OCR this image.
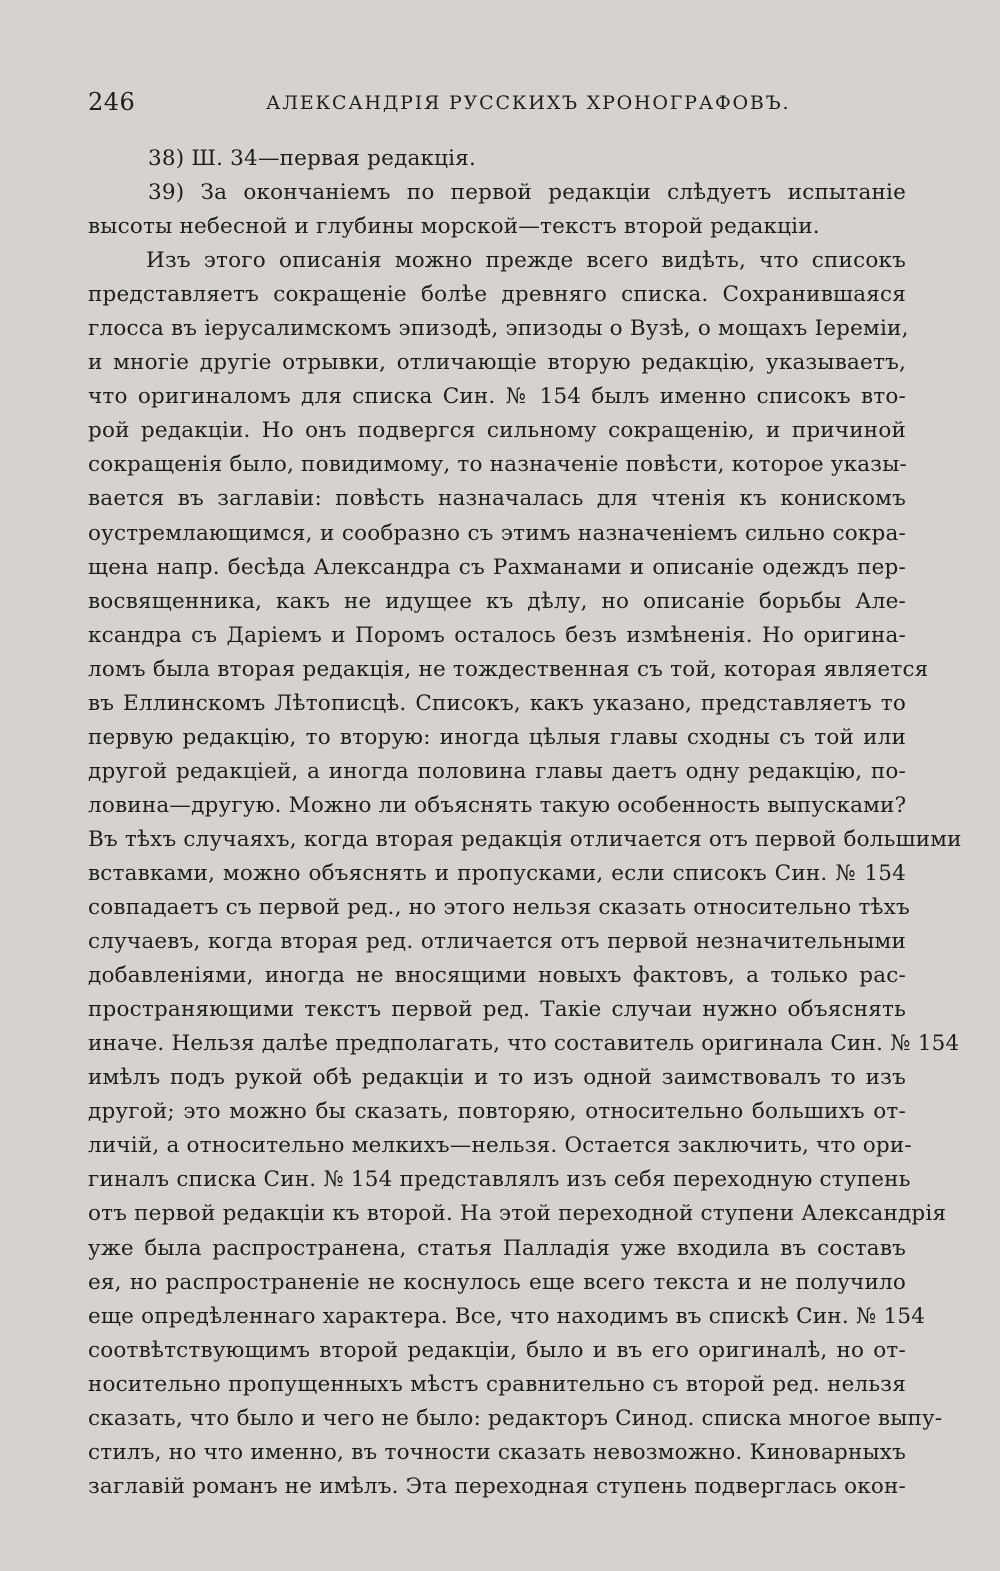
246	АЛЕКСАНДРІЯ РУССКИХЪ ХРОНОГРАФОВЪ.
38) Ш. 34—первая редакція.
39) За окончаніемъ по первой редакціи слѣдуетъ испытаніе
высоты небесной и глубины морской—текстъ второй редакціи.
Изъ этого описанія можно прежде всего видѣть, что списокъ
представляетъ сокращеніе болѣе древняго списка. Сохранившаяся
глосса въ іерусалимскомъ эпизодѣ, эпизоды о Вузѣ, о мощахъ Іереміи,
и многіе другіе отрывки, отличающіе вторую редакцію, указываетъ,
что оригиналомъ для списка Син. № 154 былъ именно списокъ вто-
рой редакціи. Но онъ подвергся сильному сокращенію, и причиной
сокращенія было, повидимому, то назначеніе повѣсти, которое указы-
вается въ заглавіи: повѣсть назначалась для чтенія къ конискомъ
оустремлающимся, и сообразно съ этимъ назначеніемъ сильно сокра-
щена напр. бесѣда Александра съ Рахманами и описаніе одеждъ пер-
восвященника, какъ не идущее къ дѣлу, но описаніе борьбы Але-
ксандра съ Даріемъ и Поромъ осталось безъ измѣненія. Но оригина-
ломъ была вторая редакція, не тождественная съ той, которая является
въ Еллинскомъ Лѣтописцѣ. Списокъ, какъ указано, представляетъ то
первую редакцію, то вторую: иногда цѣлыя главы сходны съ той или
другой редакціей, а иногда половина главы даетъ одну редакцію, по-
ловина—другую. Можно ли объяснять такую особенность выпусками?
Въ тѣхъ случаяхъ, когда вторая редакція отличается отъ первой большими
вставками, можно объяснять и пропусками, если списокъ Син. № 154
совпадаетъ съ первой ред., но этого нельзя сказать относительно тѣхъ
случаевъ, когда вторая ред. отличается отъ первой незначительными
добавленіями, иногда не вносящими новыхъ фактовъ, а только рас-
пространяющими текстъ первой ред. Такіе случаи нужно объяснять
иначе. Нельзя далѣе предполагать, что составитель оригинала Син. № 154
имѣлъ подъ рукой обѣ редакціи и то изъ одной заимствовалъ то изъ
другой; это можно бы сказать, повторяю, относительно большихъ от-
личій, а относительно мелкихъ—нельзя. Остается заключить, что ори-
гиналъ списка Син. № 154 представлялъ изъ себя переходную ступень
отъ первой редакціи къ второй. На этой переходной ступени Александрія
уже была распространена, статья Палладія уже входила въ составъ
ея, но распространеніе не коснулось еще всего текста и не получило
еще опредѣленнаго характера. Все, что находимъ въ спискѣ Син. № 154
соотвѣтствующимъ второй редакціи, было и въ его оригиналѣ, но от-
носительно пропущенныхъ мѣстъ сравнительно съ второй ред. нельзя
сказать, что было и чего не было: редакторъ Синод. списка многое выпу-
стилъ, но что именно, въ точности сказать невозможно. Киноварныхъ
заглавій романъ не имѣлъ. Эта переходная ступень подверглась окон-
